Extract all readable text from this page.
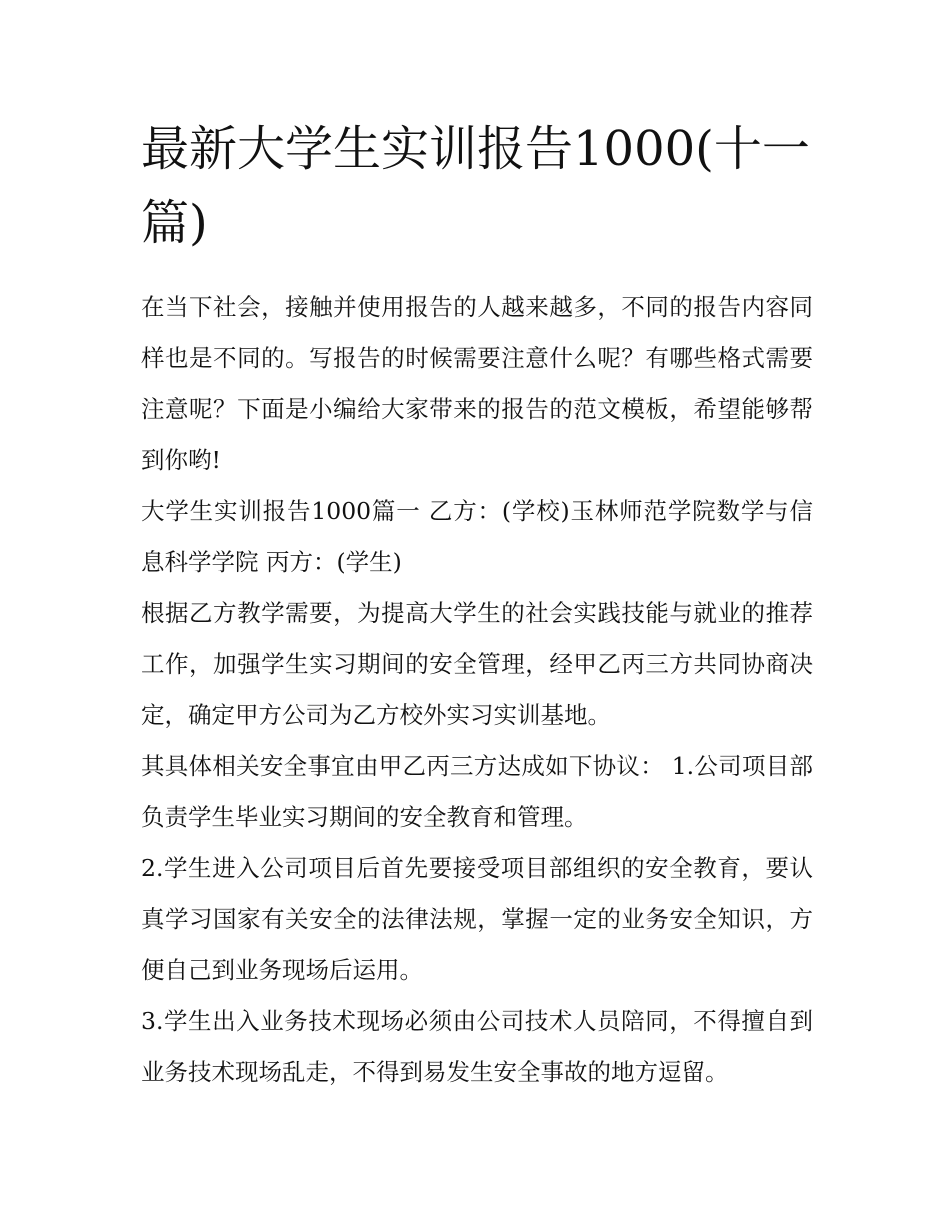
最新大学生实训报告1000(十一篇)

在当下社会，接触并使用报告的人越来越多，不同的报告内容同样也是不同的。写报告的时候需要注意什么呢？有哪些格式需要注意呢？下面是小编给大家带来的报告的范文模板，希望能够帮到你哟!

大学生实训报告1000篇一 乙方：(学校)玉林师范学院数学与信息科学学院 丙方：(学生)

根据乙方教学需要，为提高大学生的社会实践技能与就业的推荐工作，加强学生实习期间的安全管理，经甲乙丙三方共同协商决定，确定甲方公司为乙方校外实习实训基地。

其具体相关安全事宜由甲乙丙三方达成如下协议： 1.公司项目部负责学生毕业实习期间的安全教育和管理。

2.学生进入公司项目后首先要接受项目部组织的安全教育，要认真学习国家有关安全的法律法规，掌握一定的业务安全知识，方便自己到业务现场后运用。

3.学生出入业务技术现场必须由公司技术人员陪同，不得擅自到业务技术现场乱走，不得到易发生安全事故的地方逗留。
